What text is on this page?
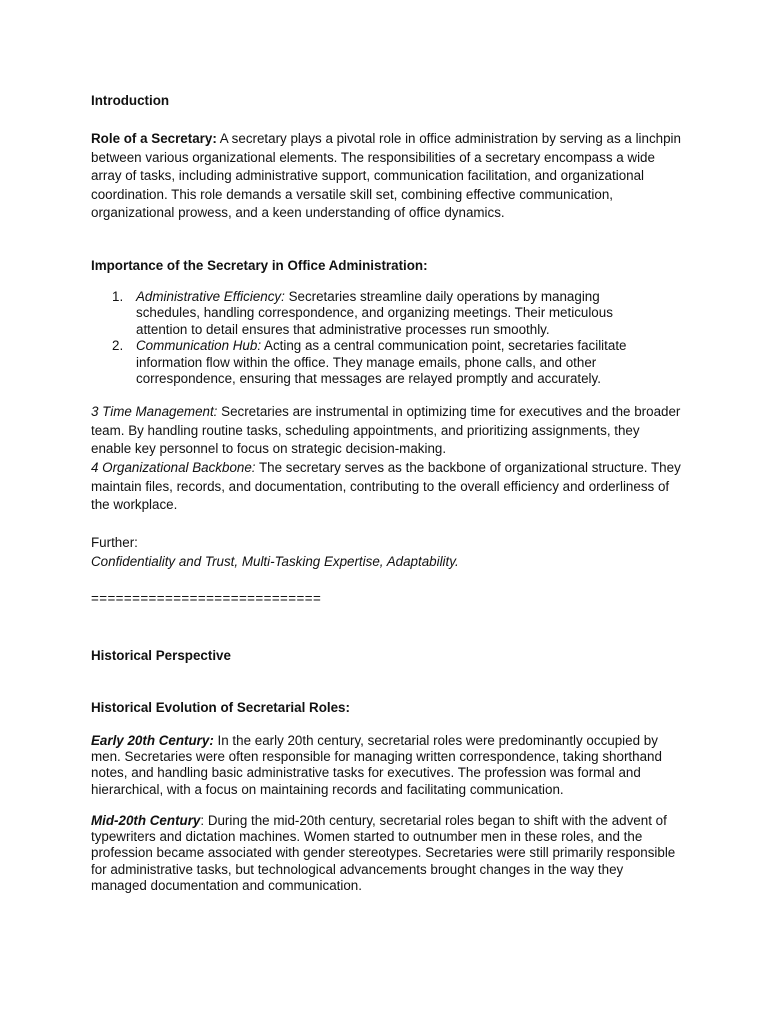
Introduction

Role of a Secretary: A secretary plays a pivotal role in office administration by serving as a linchpin between various organizational elements. The responsibilities of a secretary encompass a wide array of tasks, including administrative support, communication facilitation, and organizational coordination. This role demands a versatile skill set, combining effective communication, organizational prowess, and a keen understanding of office dynamics.

Importance of the Secretary in Office Administration:
1. Administrative Efficiency: Secretaries streamline daily operations by managing schedules, handling correspondence, and organizing meetings. Their meticulous attention to detail ensures that administrative processes run smoothly.
2. Communication Hub: Acting as a central communication point, secretaries facilitate information flow within the office. They manage emails, phone calls, and other correspondence, ensuring that messages are relayed promptly and accurately.

3 Time Management: Secretaries are instrumental in optimizing time for executives and the broader team. By handling routine tasks, scheduling appointments, and prioritizing assignments, they enable key personnel to focus on strategic decision-making.

4 Organizational Backbone: The secretary serves as the backbone of organizational structure. They maintain files, records, and documentation, contributing to the overall efficiency and orderliness of the workplace.

Further:
Confidentiality and Trust, Multi-Tasking Expertise, Adaptability.
============================
Historical Perspective
Historical Evolution of Secretarial Roles:

Early 20th Century: In the early 20th century, secretarial roles were predominantly occupied by men. Secretaries were often responsible for managing written correspondence, taking shorthand notes, and handling basic administrative tasks for executives. The profession was formal and hierarchical, with a focus on maintaining records and facilitating communication.

Mid-20th Century: During the mid-20th century, secretarial roles began to shift with the advent of typewriters and dictation machines. Women started to outnumber men in these roles, and the profession became associated with gender stereotypes. Secretaries were still primarily responsible for administrative tasks, but technological advancements brought changes in the way they managed documentation and communication.
